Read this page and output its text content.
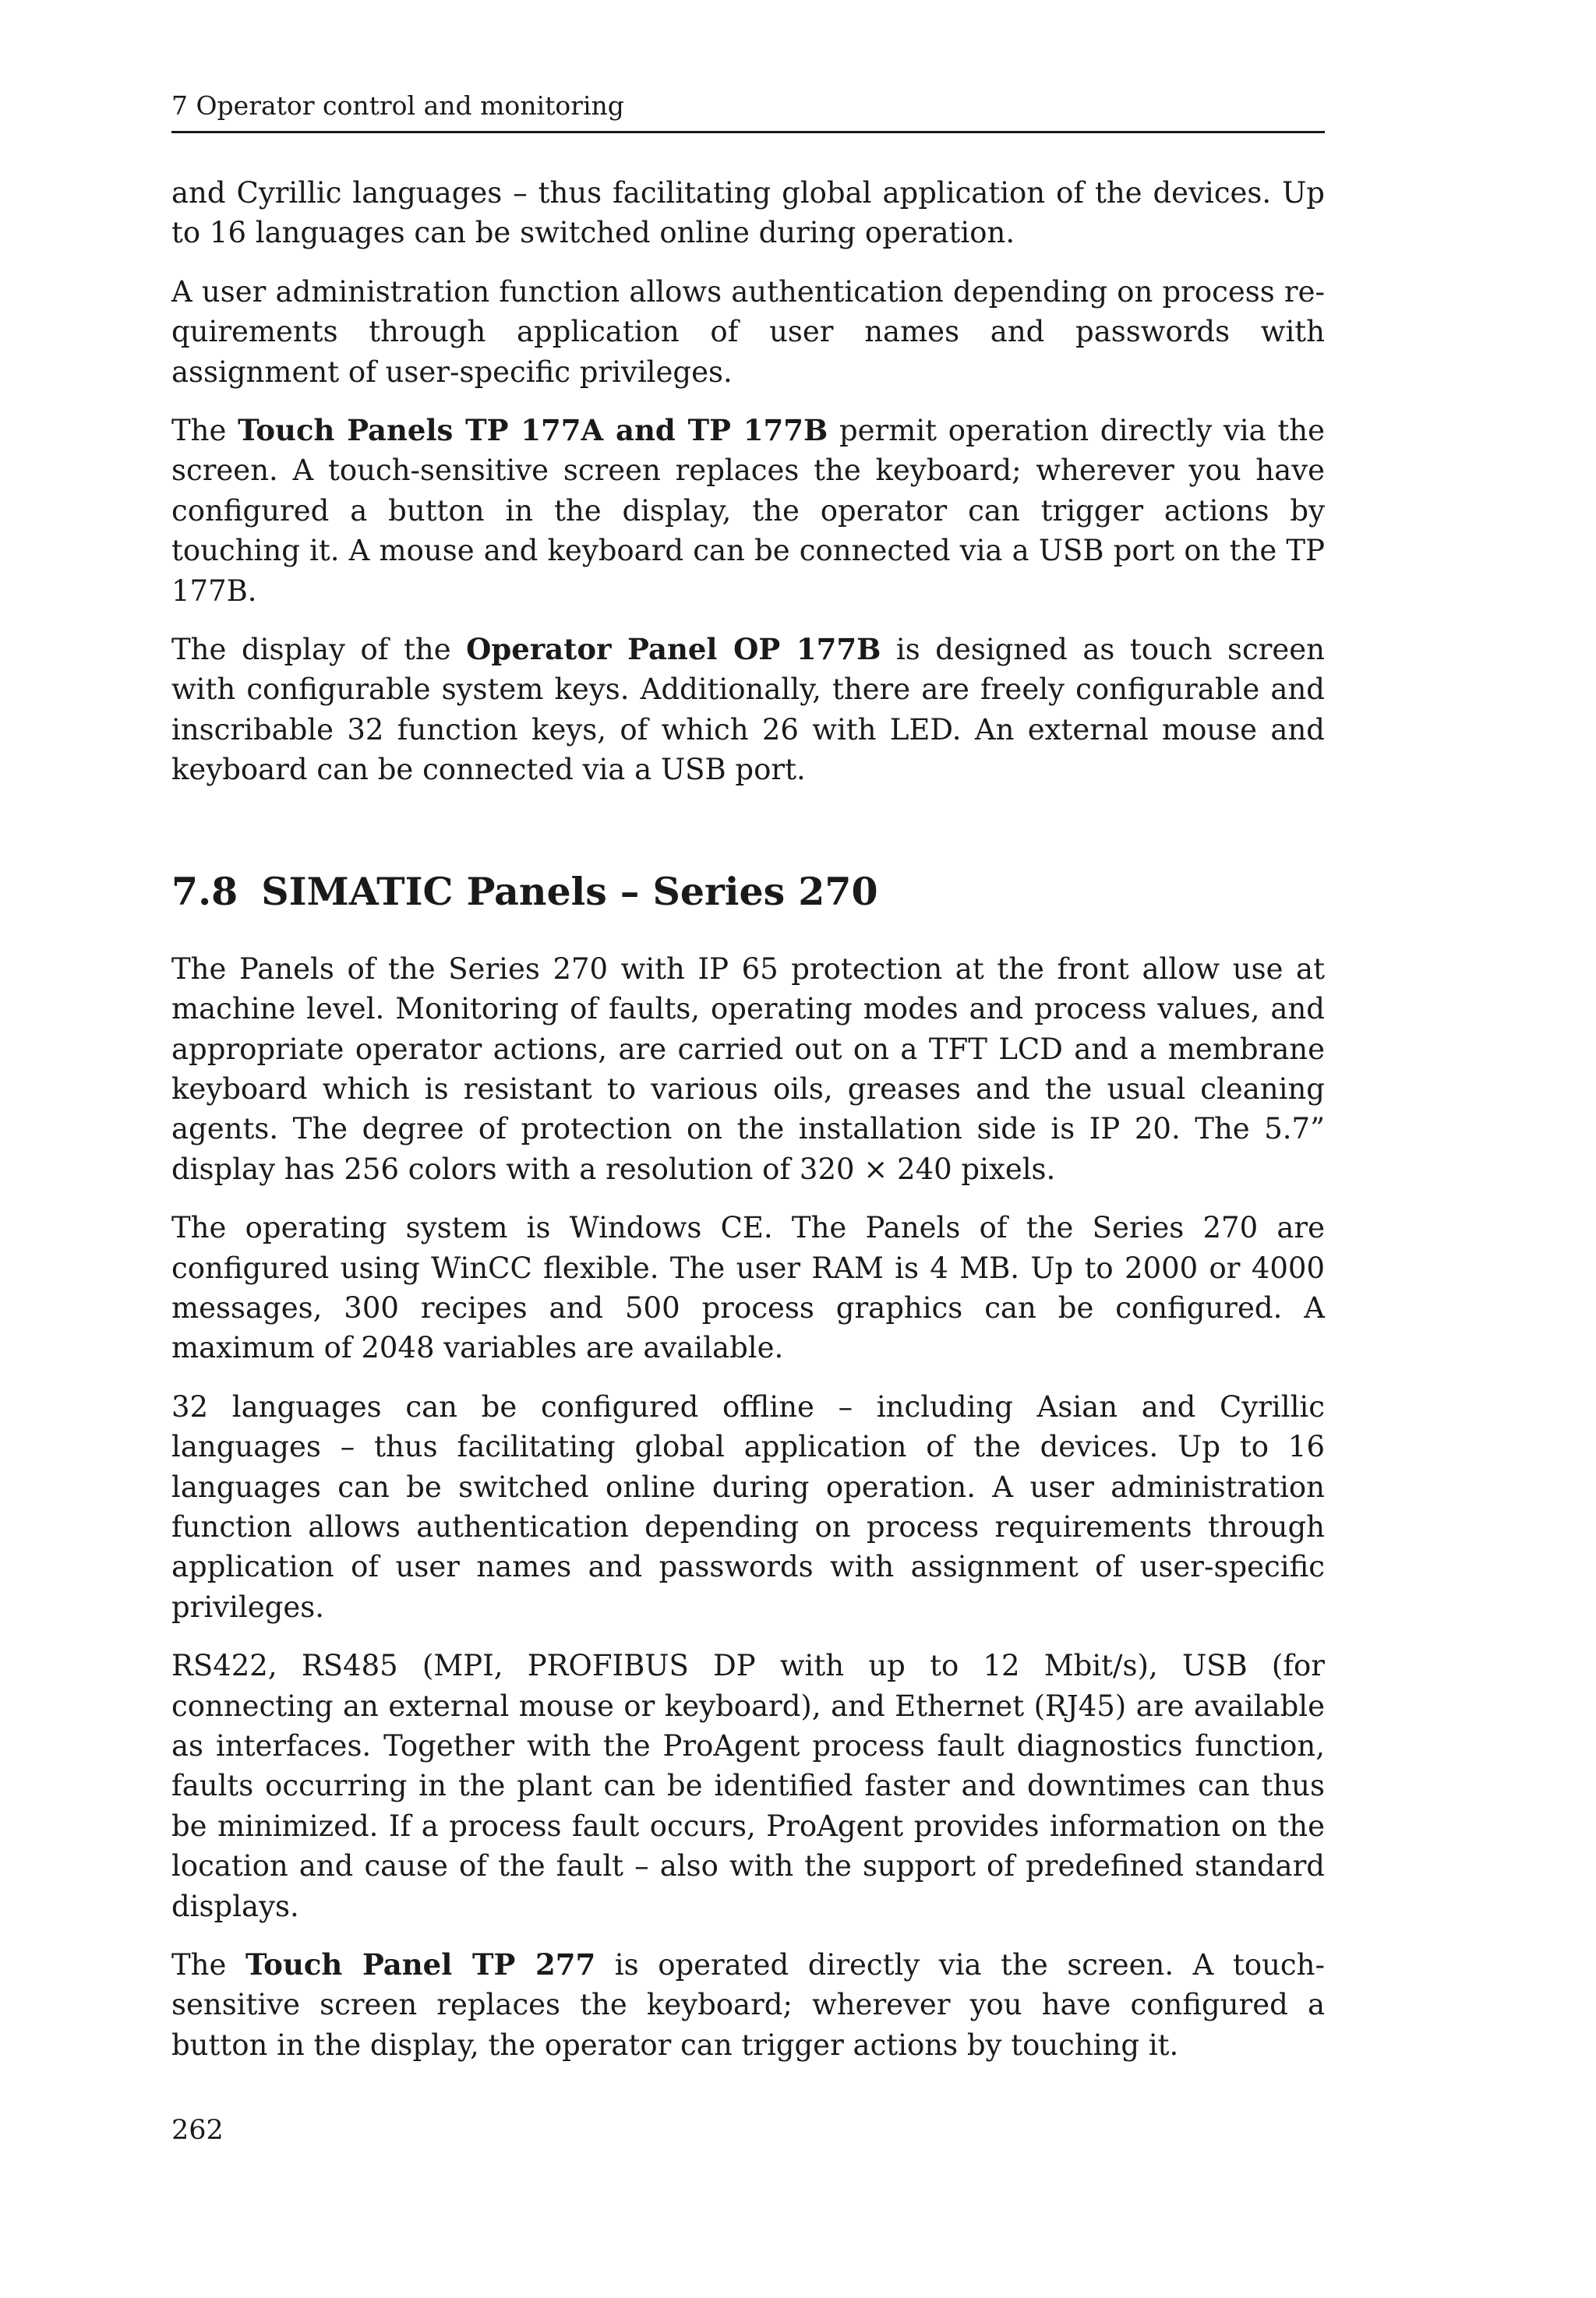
7 Operator control and monitoring

and Cyrillic languages – thus facilitating global application of the devices. Up to 16 languages can be switched online during operation.

A user administration function allows authentication depending on process requirements through application of user names and passwords with assignment of user-specific privileges.

The Touch Panels TP 177A and TP 177B permit operation directly via the screen. A touch-sensitive screen replaces the keyboard; wherever you have configured a button in the display, the operator can trigger actions by touching it. A mouse and keyboard can be connected via a USB port on the TP 177B.

The display of the Operator Panel OP 177B is designed as touch screen with configurable system keys. Additionally, there are freely configurable and inscribable 32 function keys, of which 26 with LED. An external mouse and keyboard can be connected via a USB port.

7.8 SIMATIC Panels – Series 270

The Panels of the Series 270 with IP 65 protection at the front allow use at machine level. Monitoring of faults, operating modes and process values, and appropriate operator actions, are carried out on a TFT LCD and a membrane keyboard which is resistant to various oils, greases and the usual cleaning agents. The degree of protection on the installation side is IP 20. The 5.7” display has 256 colors with a resolution of 320 × 240 pixels.

The operating system is Windows CE. The Panels of the Series 270 are configured using WinCC flexible. The user RAM is 4 MB. Up to 2000 or 4000 messages, 300 recipes and 500 process graphics can be configured. A maximum of 2048 variables are available.

32 languages can be configured offline – including Asian and Cyrillic languages – thus facilitating global application of the devices. Up to 16 languages can be switched online during operation. A user administration function allows authentication depending on process requirements through application of user names and passwords with assignment of user-specific privileges.

RS422, RS485 (MPI, PROFIBUS DP with up to 12 Mbit/s), USB (for connecting an external mouse or keyboard), and Ethernet (RJ45) are available as interfaces. Together with the ProAgent process fault diagnostics function, faults occurring in the plant can be identified faster and downtimes can thus be minimized. If a process fault occurs, ProAgent provides information on the location and cause of the fault – also with the support of predefined standard displays.

The Touch Panel TP 277 is operated directly via the screen. A touch-sensitive screen replaces the keyboard; wherever you have configured a button in the display, the operator can trigger actions by touching it.

262
